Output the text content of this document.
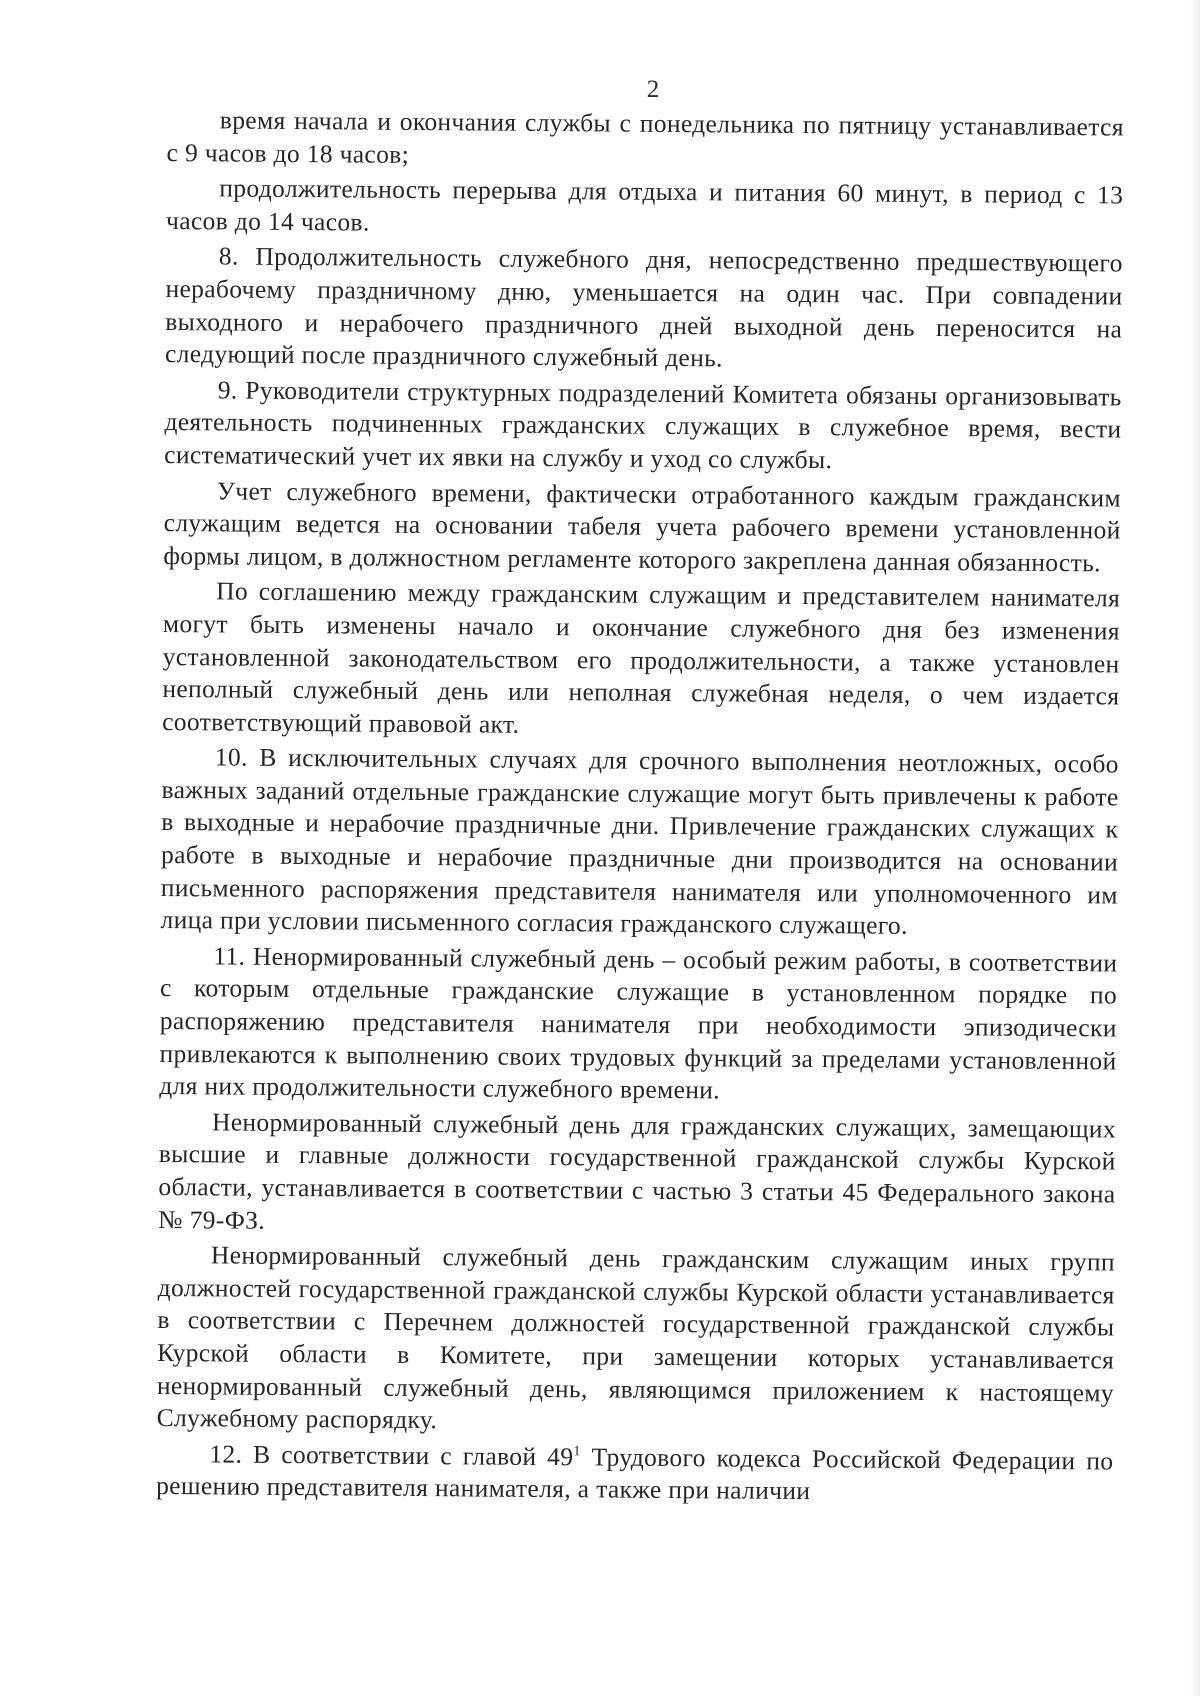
2

время начала и окончания службы с понедельника по пятницу устанавливается с 9 часов до 18 часов;

продолжительность перерыва для отдыха и питания 60 минут, в период с 13 часов до 14 часов.

8. Продолжительность служебного дня, непосредственно предшествующего нерабочему праздничному дню, уменьшается на один час. При совпадении выходного и нерабочего праздничного дней выходной день переносится на следующий после праздничного служебный день.

9. Руководители структурных подразделений Комитета обязаны организовывать деятельность подчиненных гражданских служащих в служебное время, вести систематический учет их явки на службу и уход со службы.

Учет служебного времени, фактически отработанного каждым гражданским служащим ведется на основании табеля учета рабочего времени установленной формы лицом, в должностном регламенте которого закреплена данная обязанность.

По соглашению между гражданским служащим и представителем нанимателя могут быть изменены начало и окончание служебного дня без изменения установленной законодательством его продолжительности, а также установлен неполный служебный день или неполная служебная неделя, о чем издается соответствующий правовой акт.

10. В исключительных случаях для срочного выполнения неотложных, особо важных заданий отдельные гражданские служащие могут быть привлечены к работе в выходные и нерабочие праздничные дни. Привлечение гражданских служащих к работе в выходные и нерабочие праздничные дни производится на основании письменного распоряжения представителя нанимателя или уполномоченного им лица при условии письменного согласия гражданского служащего.

11. Ненормированный служебный день – особый режим работы, в соответствии с которым отдельные гражданские служащие в установленном порядке по распоряжению представителя нанимателя при необходимости эпизодически привлекаются к выполнению своих трудовых функций за пределами установленной для них продолжительности служебного времени.

Ненормированный служебный день для гражданских служащих, замещающих высшие и главные должности государственной гражданской службы Курской области, устанавливается в соответствии с частью 3 статьи 45 Федерального закона № 79-ФЗ.

Ненормированный служебный день гражданским служащим иных групп должностей государственной гражданской службы Курской области устанавливается в соответствии с Перечнем должностей государственной гражданской службы Курской области в Комитете, при замещении которых устанавливается ненормированный служебный день, являющимся приложением к настоящему Служебному распорядку.

12. В соответствии с главой $49^1$ Трудового кодекса Российской Федерации по решению представителя нанимателя, а также при наличии
